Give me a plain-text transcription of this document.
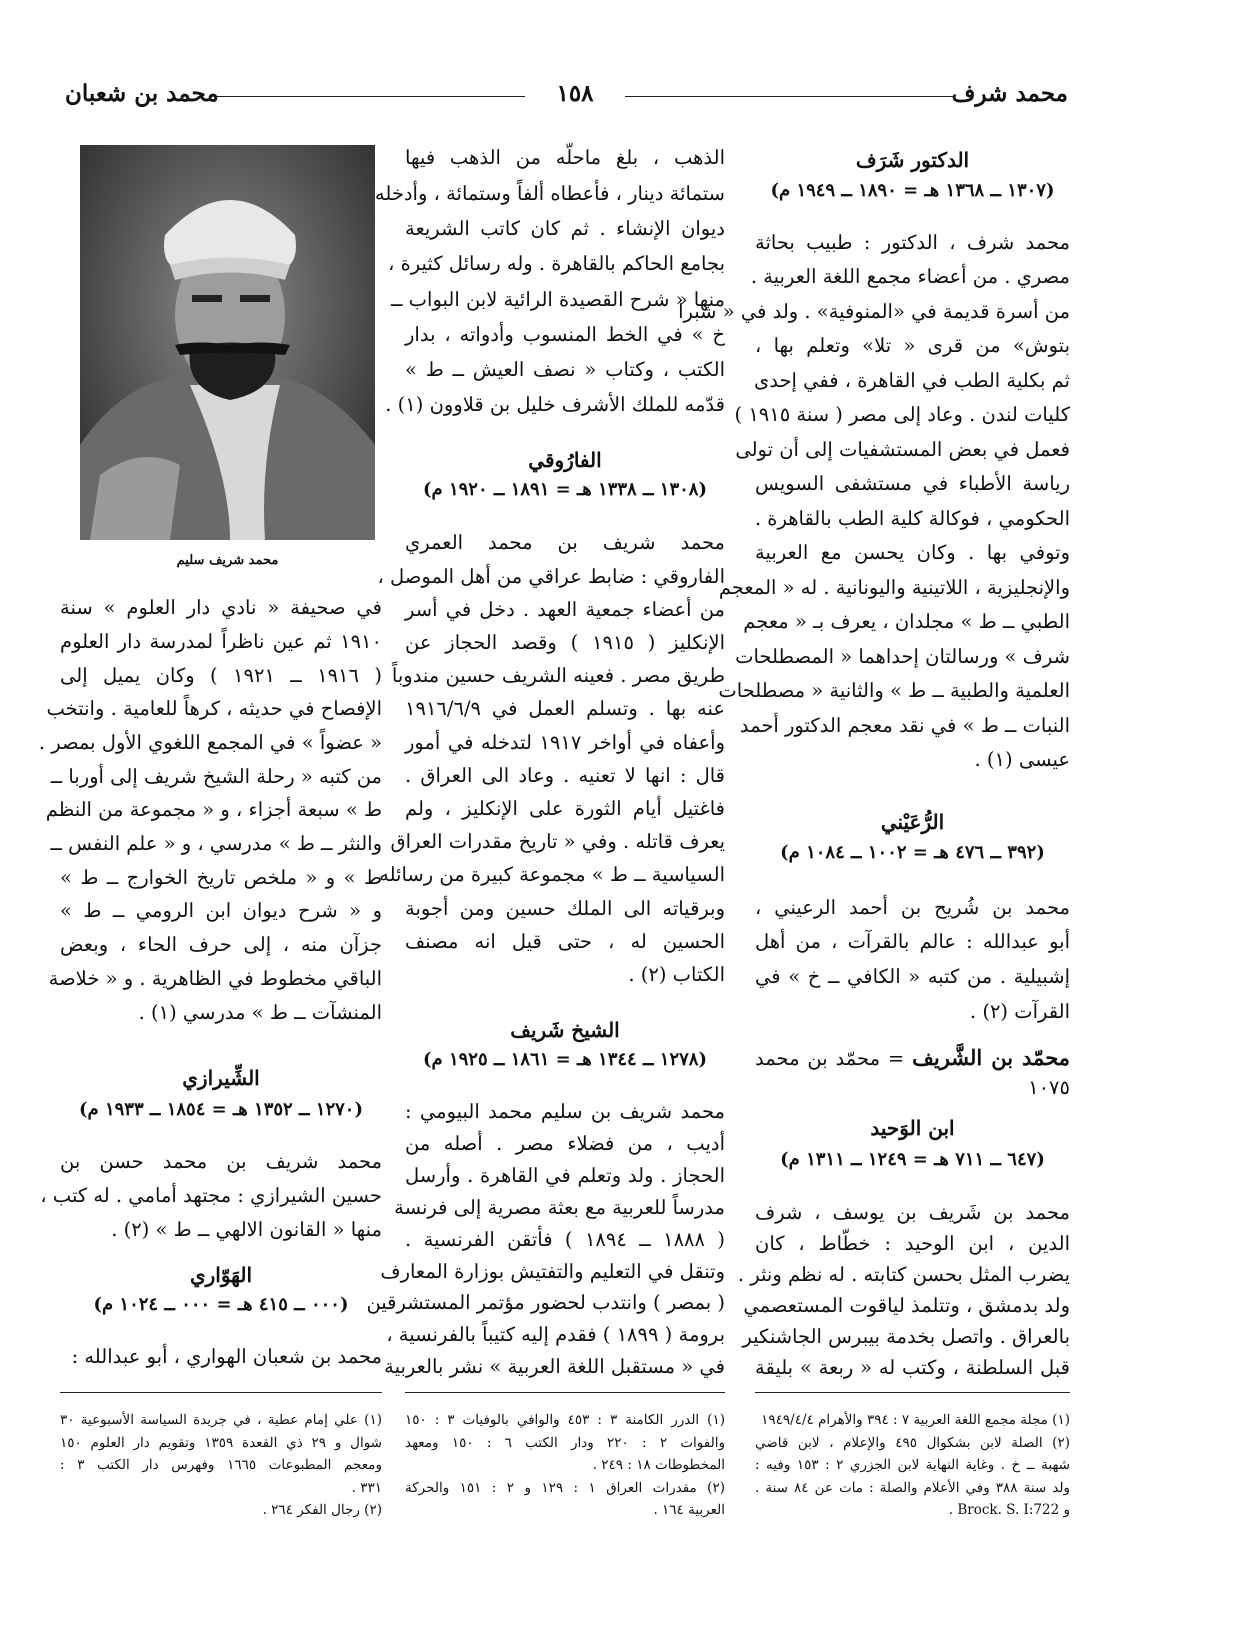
محمد شرف
١٥٨
محمد بن شعبان
محمد شريف سليم
الدكتور شَرَف
(١٣٠٧ ــ ١٣٦٨ هـ = ١٨٩٠ ــ ١٩٤٩ م)
محمد شرف ، الدكتور : طبيب بحاثة
مصري . من أعضاء مجمع اللغة العربية .
من أسرة قديمة في «المنوفية» . ولد في « شبرا
بتوش» من قرى « تلا» وتعلم بها ،
ثم بكلية الطب في القاهرة ، ففي إحدى
كليات لندن . وعاد إلى مصر ( سنة ١٩١٥ )
فعمل في بعض المستشفيات إلى أن تولى
رياسة الأطباء في مستشفى السويس
الحكومي ، فوكالة كلية الطب بالقاهرة .
وتوفي بها . وكان يحسن مع العربية
والإنجليزية ، اللاتينية واليونانية . له « المعجم
الطبي ــ ط » مجلدان ، يعرف بـ « معجم
شرف » ورسالتان إحداهما « المصطلحات
العلمية والطبية ــ ط » والثانية « مصطلحات
النبات ــ ط » في نقد معجم الدكتور أحمد
عيسى (١) .
الرُّعَيْني
(٣٩٢ ــ ٤٧٦ هـ = ١٠٠٢ ــ ١٠٨٤ م)
محمد بن شُريح بن أحمد الرعيني ،
أبو عبدالله : عالم بالقرآت ، من أهل
إشبيلية . من كتبه « الكافي ــ خ » في
القرآت (٢) .
محمّد بن الشَّريف = محمّد بن محمد
١٠٧٥
ابن الوَحيد
(٦٤٧ ــ ٧١١ هـ = ١٢٤٩ ــ ١٣١١ م)
محمد بن شَريف بن يوسف ، شرف
الدين ، ابن الوحيد : خطّاط ، كان
يضرب المثل بحسن كتابته . له نظم ونثر .
ولد بدمشق ، وتتلمذ لياقوت المستعصمي
بالعراق . واتصل بخدمة بيبرس الجاشنكير
قبل السلطنة ، وكتب له « ربعة » بليقة
(١) مجلة مجمع اللغة العربية ٧ : ٣٩٤ والأهرام ١٩٤٩/٤/٤
(٢) الصلة لابن بشكوال ٤٩٥ والإعلام ، لابن قاضي
شهبة ــ خ . وغاية النهاية لابن الجزري ٢ : ١٥٣ وفيه :
ولد سنة ٣٨٨ وفي الأعلام والصلة : مات عن ٨٤ سنة .
و Brock. S. I:722 .
الذهب ، بلغ ماحلّه من الذهب فيها
ستمائة دينار ، فأعطاه ألفاً وستمائة ، وأدخله
ديوان الإنشاء . ثم كان كاتب الشريعة
بجامع الحاكم بالقاهرة . وله رسائل كثيرة ،
منها « شرح القصيدة الرائية لابن البواب ــ
خ » في الخط المنسوب وأدواته ، بدار
الكتب ، وكتاب « نصف العيش ــ ط »
قدّمه للملك الأشرف خليل بن قلاوون (١) .
الفارُوقي
(١٣٠٨ ــ ١٣٣٨ هـ = ١٨٩١ ــ ١٩٢٠ م)
محمد شريف بن محمد العمري
الفاروقي : ضابط عراقي من أهل الموصل ،
من أعضاء جمعية العهد . دخل في أسر
الإنكليز ( ١٩١٥ ) وقصد الحجاز عن
طريق مصر . فعينه الشريف حسين مندوباً
عنه بها . وتسلم العمل في ١٩١٦/٦/٩
وأعفاه في أواخر ١٩١٧ لتدخله في أمور
قال : انها لا تعنيه . وعاد الى العراق .
فاغتيل أيام الثورة على الإنكليز ، ولم
يعرف قاتله . وفي « تاريخ مقدرات العراق
السياسية ــ ط » مجموعة كبيرة من رسائله
وبرقياته الى الملك حسين ومن أجوبة
الحسين له ، حتى قيل انه مصنف
الكتاب (٢) .
الشيخ شَريف
(١٢٧٨ ــ ١٣٤٤ هـ = ١٨٦١ ــ ١٩٢٥ م)
محمد شريف بن سليم محمد البيومي :
أديب ، من فضلاء مصر . أصله من
الحجاز . ولد وتعلم في القاهرة . وأرسل
مدرساً للعربية مع بعثة مصرية إلى فرنسة
( ١٨٨٨ ــ ١٨٩٤ ) فأتقن الفرنسية .
وتنقل في التعليم والتفتيش بوزارة المعارف
( بمصر ) وانتدب لحضور مؤتمر المستشرقين
برومة ( ١٨٩٩ ) فقدم إليه كتيباً بالفرنسية ،
في « مستقبل اللغة العربية » نشر بالعربية
(١) الدرر الكامنة ٣ : ٤٥٣ والوافي بالوفيات ٣ : ١٥٠
والفوات ٢ : ٢٢٠ ودار الكتب ٦ : ١٥٠ ومعهد
المخطوطات ١٨ : ٢٤٩ .
(٢) مقدرات العراق ١ : ١٢٩ و ٢ : ١٥١ والحركة
العربية ١٦٤ .
في صحيفة « نادي دار العلوم » سنة
١٩١٠ ثم عين ناظراً لمدرسة دار العلوم
( ١٩١٦ ــ ١٩٢١ ) وكان يميل إلى
الإفصاح في حديثه ، كرهاً للعامية . وانتخب
« عضواً » في المجمع اللغوي الأول بمصر .
من كتبه « رحلة الشيخ شريف إلى أوربا ــ
ط » سبعة أجزاء ، و « مجموعة من النظم
والنثر ــ ط » مدرسي ، و « علم النفس ــ
ط » و « ملخص تاريخ الخوارج ــ ط »
و « شرح ديوان ابن الرومي ــ ط »
جزآن منه ، إلى حرف الحاء ، وبعض
الباقي مخطوط في الظاهرية . و « خلاصة
المنشآت ــ ط » مدرسي (١) .
الشِّيرازي
(١٢٧٠ ــ ١٣٥٢ هـ = ١٨٥٤ ــ ١٩٣٣ م)
محمد شريف بن محمد حسن بن
حسين الشيرازي : مجتهد أمامي . له كتب ،
منها « القانون الالهي ــ ط » (٢) .
الهَوّاري
(٠٠٠ ــ ٤١٥ هـ = ٠٠٠ ــ ١٠٢٤ م)
محمد بن شعبان الهواري ، أبو عبدالله :
(١) علي إمام عطية ، في جريدة السياسة الأسبوعية ٣٠
شوال و ٢٩ ذي القعدة ١٣٥٩ وتقويم دار العلوم ١٥٠
ومعجم المطبوعات ١٦٦٥ وفهرس دار الكتب ٣ :
٣٣١ .
(٢) رجال الفكر ٢٦٤ .
